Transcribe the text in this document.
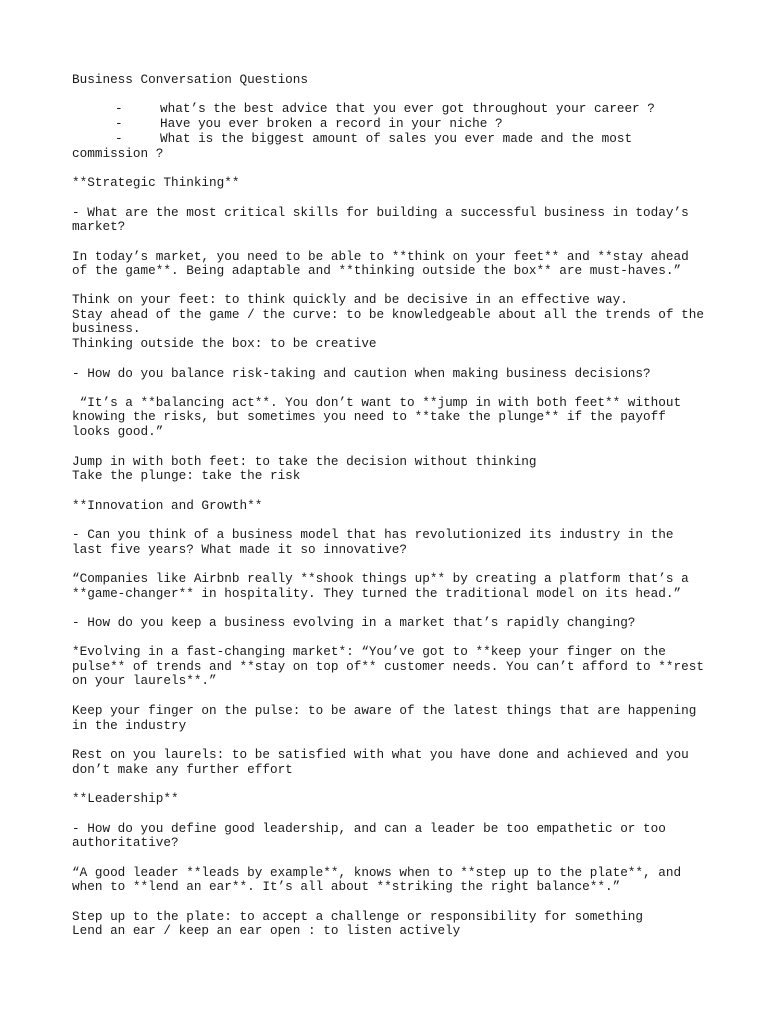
Business Conversation Questions

-

	what’s the best advice that you ever got throughout your career ?

-

	Have you ever broken a record in your niche ?

-

	What is the biggest amount of sales you ever made and the most

commission ?

**Strategic Thinking**

- What are the most critical skills for building a successful business in today’s

market?

In today’s market, you need to be able to **think on your feet** and **stay ahead

of the game**. Being adaptable and **thinking outside the box** are must-haves.”

Think on your feet: to think quickly and be decisive in an effective way.

Stay ahead of the game / the curve: to be knowledgeable about all the trends of the

business.

Thinking outside the box: to be creative

- How do you balance risk-taking and caution when making business decisions?

“It’s a **balancing act**. You don’t want to **jump in with both feet** without

knowing the risks, but sometimes you need to **take the plunge** if the payoff

looks good.”

Jump in with both feet: to take the decision without thinking

Take the plunge: take the risk

**Innovation and Growth**

- Can you think of a business model that has revolutionized its industry in the

last five years? What made it so innovative?

“Companies like Airbnb really **shook things up** by creating a platform that’s a

**game-changer** in hospitality. They turned the traditional model on its head.”

- How do you keep a business evolving in a market that’s rapidly changing?

*Evolving in a fast-changing market*: “You’ve got to **keep your finger on the

pulse** of trends and **stay on top of** customer needs. You can’t afford to **rest

on your laurels**.”

Keep your finger on the pulse: to be aware of the latest things that are happening

in the industry

Rest on you laurels: to be satisfied with what you have done and achieved and you

don’t make any further effort

**Leadership**

- How do you define good leadership, and can a leader be too empathetic or too

authoritative?

“A good leader **leads by example**, knows when to **step up to the plate**, and

when to **lend an ear**. It’s all about **striking the right balance**.”

Step up to the plate: to accept a challenge or responsibility for something

Lend an ear / keep an ear open : to listen actively
